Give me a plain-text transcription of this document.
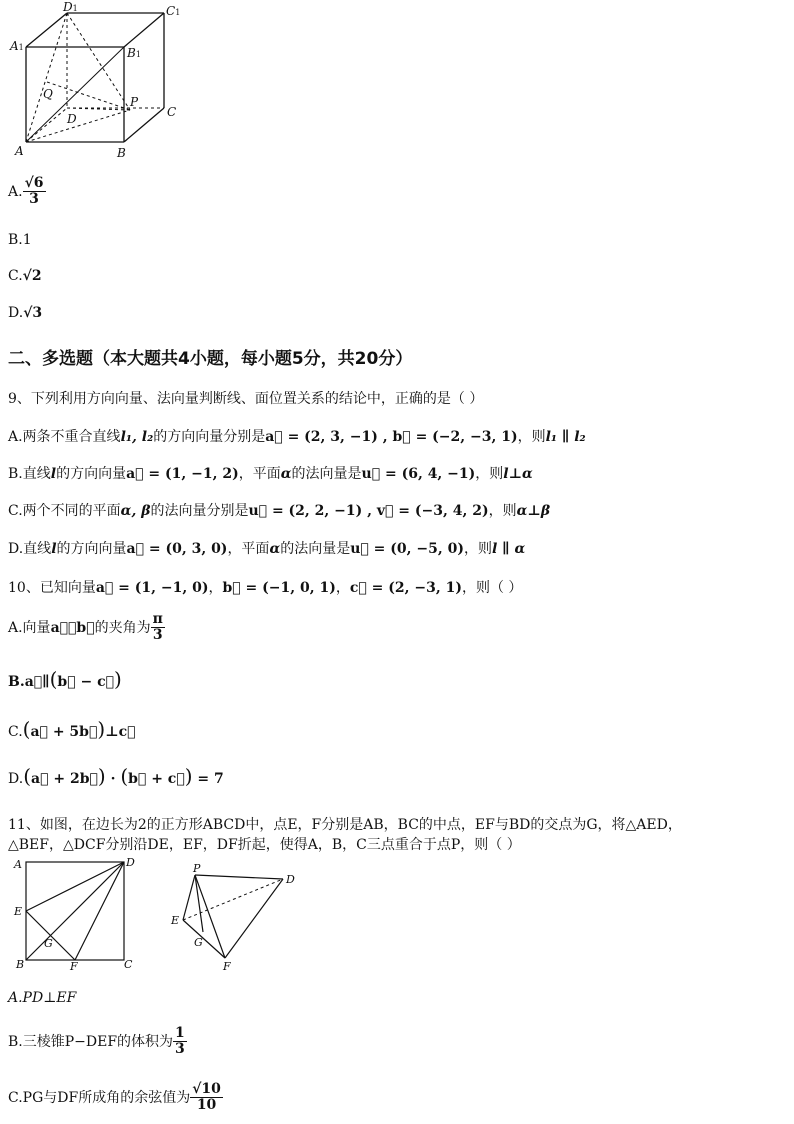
D1	C1
A1	B1
Q
P
D	C
A	B
A. $\frac{√6}{3}$
B.1
C.√2
D.√3
二、多选题（本大题共4小题，每小题5分，共20分）
9、下列利用方向向量、法向量判断线、面位置关系的结论中，正确的是（ ）
A.两条不重合直线l₁, l₂的方向向量分别是a⃗ = (2, 3, −1) , b⃗ = (−2, −3, 1)，则l₁ ∥ l₂
B.直线l的方向向量a⃗ = (1, −1, 2)，平面α的法向量是u⃗ = (6, 4, −1)，则l⊥α
C.两个不同的平面α, β的法向量分别是u⃗ = (2, 2, −1) , v⃗ = (−3, 4, 2)，则α⊥β
D.直线l的方向向量a⃗ = (0, 3, 0)，平面α的法向量是u⃗ = (0, −5, 0)，则l ∥ α
10、已知向量a⃗ = (1, −1, 0)，b⃗ = (−1, 0, 1)，c⃗ = (2, −3, 1)，则（ ）
A.向量a⃗，b⃗的夹角为 $\frac{\pi}{3}$
B.a⃗∥(b⃗ − c⃗)
C.(a⃗ + 5b⃗)⊥c⃗
D.(a⃗ + 2b⃗) · (b⃗ + c⃗) = 7
11、如图，在边长为2的正方形ABCD中，点E，F分别是AB，BC的中点，EF与BD的交点为G，将△AED，
△BEF，△DCF分别沿DE，EF，DF折起，使得A，B，C三点重合于点P，则（ ）
A	D
E
G
B	F	C
P
D
E
G
F
A.PD⊥EF
B.三棱锥P−DEF的体积为 $\frac{1}{3}$
C.PG与DF所成角的余弦值为 $\frac{√10}{10}$
